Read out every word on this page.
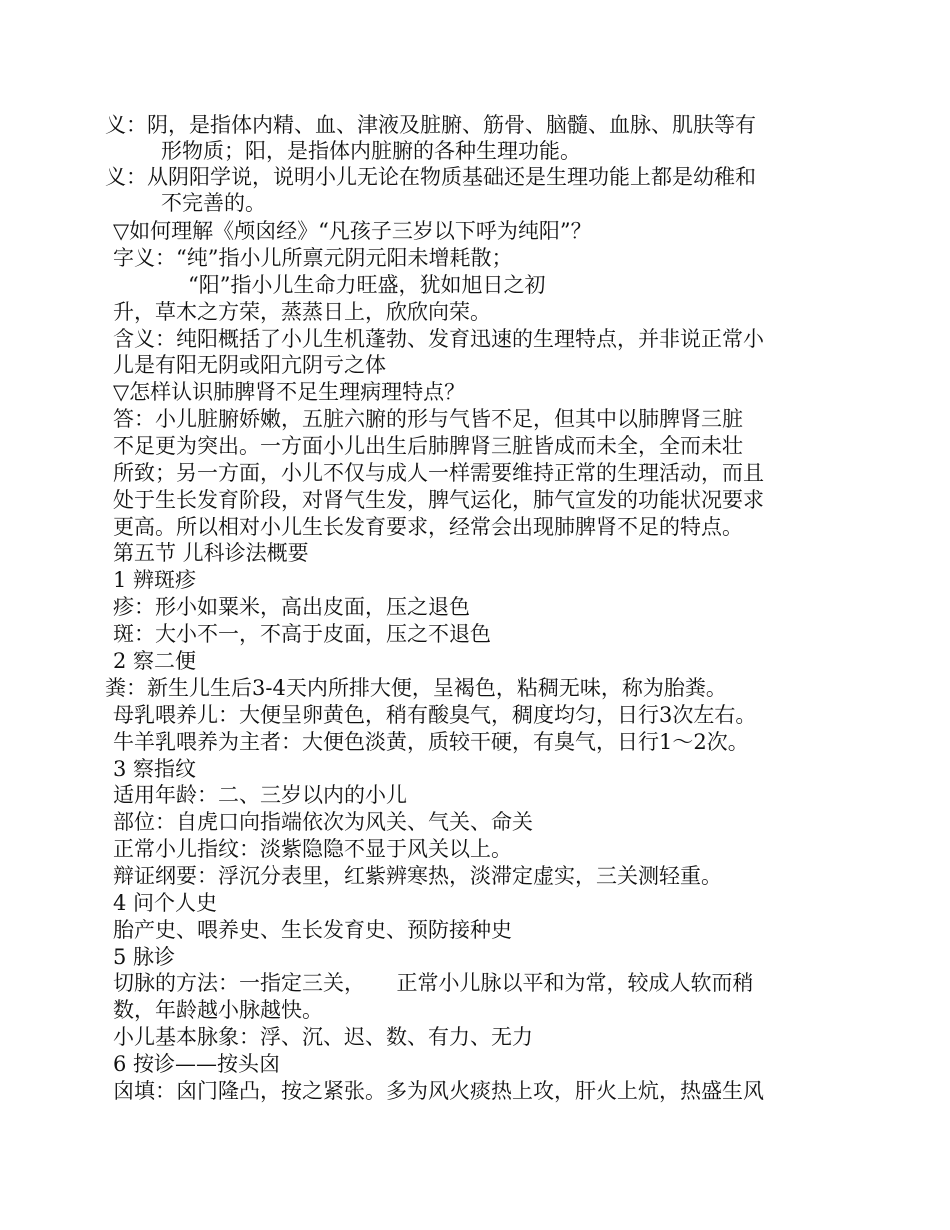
义：阴，是指体内精、血、津液及脏腑、筋骨、脑髓、血脉、肌肤等有
形物质；阳，是指体内脏腑的各种生理功能。
义：从阴阳学说，说明小儿无论在物质基础还是生理功能上都是幼稚和
不完善的。
▽如何理解《颅囟经》“凡孩子三岁以下呼为纯阳”？
字义：“纯”指小儿所禀元阴元阳未增耗散；
“阳”指小儿生命力旺盛，犹如旭日之初
升，草木之方荣，蒸蒸日上，欣欣向荣。
含义：纯阳概括了小儿生机蓬勃、发育迅速的生理特点，并非说正常小
儿是有阳无阴或阳亢阴亏之体
▽怎样认识肺脾肾不足生理病理特点？
答：小儿脏腑娇嫩，五脏六腑的形与气皆不足，但其中以肺脾肾三脏
不足更为突出。一方面小儿出生后肺脾肾三脏皆成而未全，全而未壮
所致；另一方面，小儿不仅与成人一样需要维持正常的生理活动，而且
处于生长发育阶段，对肾气生发，脾气运化，肺气宣发的功能状况要求
更高。所以相对小儿生长发育要求，经常会出现肺脾肾不足的特点。
第五节 儿科诊法概要
1 辨斑疹
疹：形小如粟米，高出皮面，压之退色
斑：大小不一，不高于皮面，压之不退色
2 察二便
粪：新生儿生后3-4天内所排大便，呈褐色，粘稠无味，称为胎粪。
母乳喂养儿：大便呈卵黄色，稍有酸臭气，稠度均匀，日行3次左右。
牛羊乳喂养为主者：大便色淡黄，质较干硬，有臭气，日行1～2次。
3 察指纹
适用年龄：二、三岁以内的小儿
部位：自虎口向指端依次为风关、气关、命关
正常小儿指纹：淡紫隐隐不显于风关以上。
辩证纲要：浮沉分表里，红紫辨寒热，淡滞定虚实，三关测轻重。
4 问个人史
胎产史、喂养史、生长发育史、预防接种史
5 脉诊
切脉的方法：一指定三关，　　正常小儿脉以平和为常，较成人软而稍
数，年龄越小脉越快。
小儿基本脉象：浮、沉、迟、数、有力、无力
6 按诊——按头囟
囟填：囟门隆凸，按之紧张。多为风火痰热上攻，肝火上炕，热盛生风
